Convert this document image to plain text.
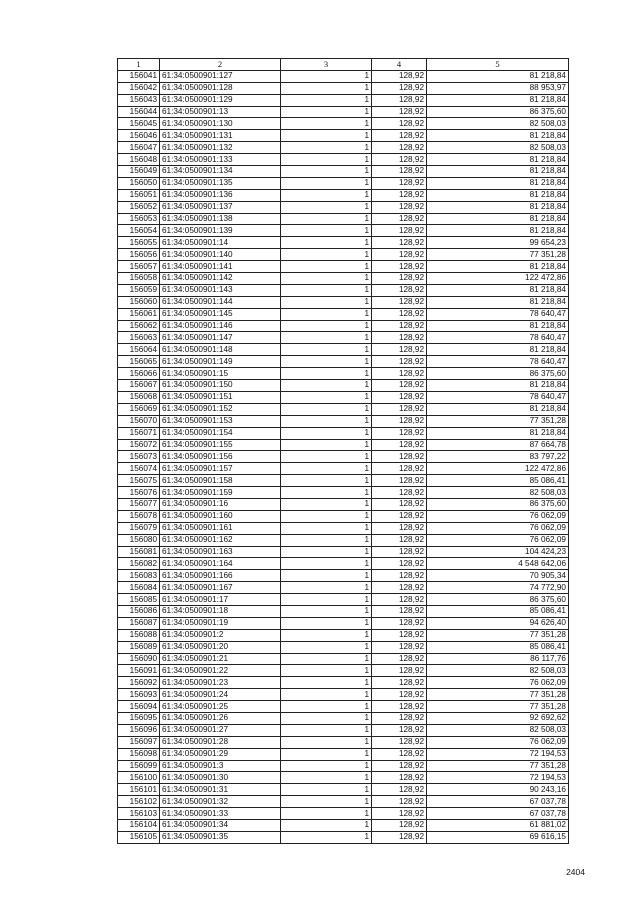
1	2	3	4	5
156041	61:34:0500901:127	1	128,92	81 218,84
156042	61:34:0500901:128	1	128,92	88 953,97
156043	61:34:0500901:129	1	128,92	81 218,84
156044	61:34:0500901:13	1	128,92	86 375,60
156045	61:34:0500901:130	1	128,92	82 508,03
156046	61:34:0500901:131	1	128,92	81 218,84
156047	61:34:0500901:132	1	128,92	82 508,03
156048	61:34:0500901:133	1	128,92	81 218,84
156049	61:34:0500901:134	1	128,92	81 218,84
156050	61:34:0500901:135	1	128,92	81 218,84
156051	61:34:0500901:136	1	128,92	81 218,84
156052	61:34:0500901:137	1	128,92	81 218,84
156053	61:34:0500901:138	1	128,92	81 218,84
156054	61:34:0500901:139	1	128,92	81 218,84
156055	61:34:0500901:14	1	128,92	99 654,23
156056	61:34:0500901:140	1	128,92	77 351,28
156057	61:34:0500901:141	1	128,92	81 218,84
156058	61:34:0500901:142	1	128,92	122 472,86
156059	61:34:0500901:143	1	128,92	81 218,84
156060	61:34:0500901:144	1	128,92	81 218,84
156061	61:34:0500901:145	1	128,92	78 640,47
156062	61:34:0500901:146	1	128,92	81 218,84
156063	61:34:0500901:147	1	128,92	78 640,47
156064	61:34:0500901:148	1	128,92	81 218,84
156065	61:34:0500901:149	1	128,92	78 640,47
156066	61:34:0500901:15	1	128,92	86 375,60
156067	61:34:0500901:150	1	128,92	81 218,84
156068	61:34:0500901:151	1	128,92	78 640,47
156069	61:34:0500901:152	1	128,92	81 218,84
156070	61:34:0500901:153	1	128,92	77 351,28
156071	61:34:0500901:154	1	128,92	81 218,84
156072	61:34:0500901:155	1	128,92	87 664,78
156073	61:34:0500901:156	1	128,92	83 797,22
156074	61:34:0500901:157	1	128,92	122 472,86
156075	61:34:0500901:158	1	128,92	85 086,41
156076	61:34:0500901:159	1	128,92	82 508,03
156077	61:34:0500901:16	1	128,92	86 375,60
156078	61:34:0500901:160	1	128,92	76 062,09
156079	61:34:0500901:161	1	128,92	76 062,09
156080	61:34:0500901:162	1	128,92	76 062,09
156081	61:34:0500901:163	1	128,92	104 424,23
156082	61:34:0500901:164	1	128,92	4 548 642,06
156083	61:34:0500901:166	1	128,92	70 905,34
156084	61:34:0500901:167	1	128,92	74 772,90
156085	61:34:0500901:17	1	128,92	86 375,60
156086	61:34:0500901:18	1	128,92	85 086,41
156087	61:34:0500901:19	1	128,92	94 626,40
156088	61:34:0500901:2	1	128,92	77 351,28
156089	61:34:0500901:20	1	128,92	85 086,41
156090	61:34:0500901:21	1	128,92	86 117,76
156091	61:34:0500901:22	1	128,92	82 508,03
156092	61:34:0500901:23	1	128,92	76 062,09
156093	61:34:0500901:24	1	128,92	77 351,28
156094	61:34:0500901:25	1	128,92	77 351,28
156095	61:34:0500901:26	1	128,92	92 692,62
156096	61:34:0500901:27	1	128,92	82 508,03
156097	61:34:0500901:28	1	128,92	76 062,09
156098	61:34:0500901:29	1	128,92	72 194,53
156099	61:34:0500901:3	1	128,92	77 351,28
156100	61:34:0500901:30	1	128,92	72 194,53
156101	61:34:0500901:31	1	128,92	90 243,16
156102	61:34:0500901:32	1	128,92	67 037,78
156103	61:34:0500901:33	1	128,92	67 037,78
156104	61:34:0500901:34	1	128,92	61 881,02
156105	61:34:0500901:35	1	128,92	69 616,15
2404
